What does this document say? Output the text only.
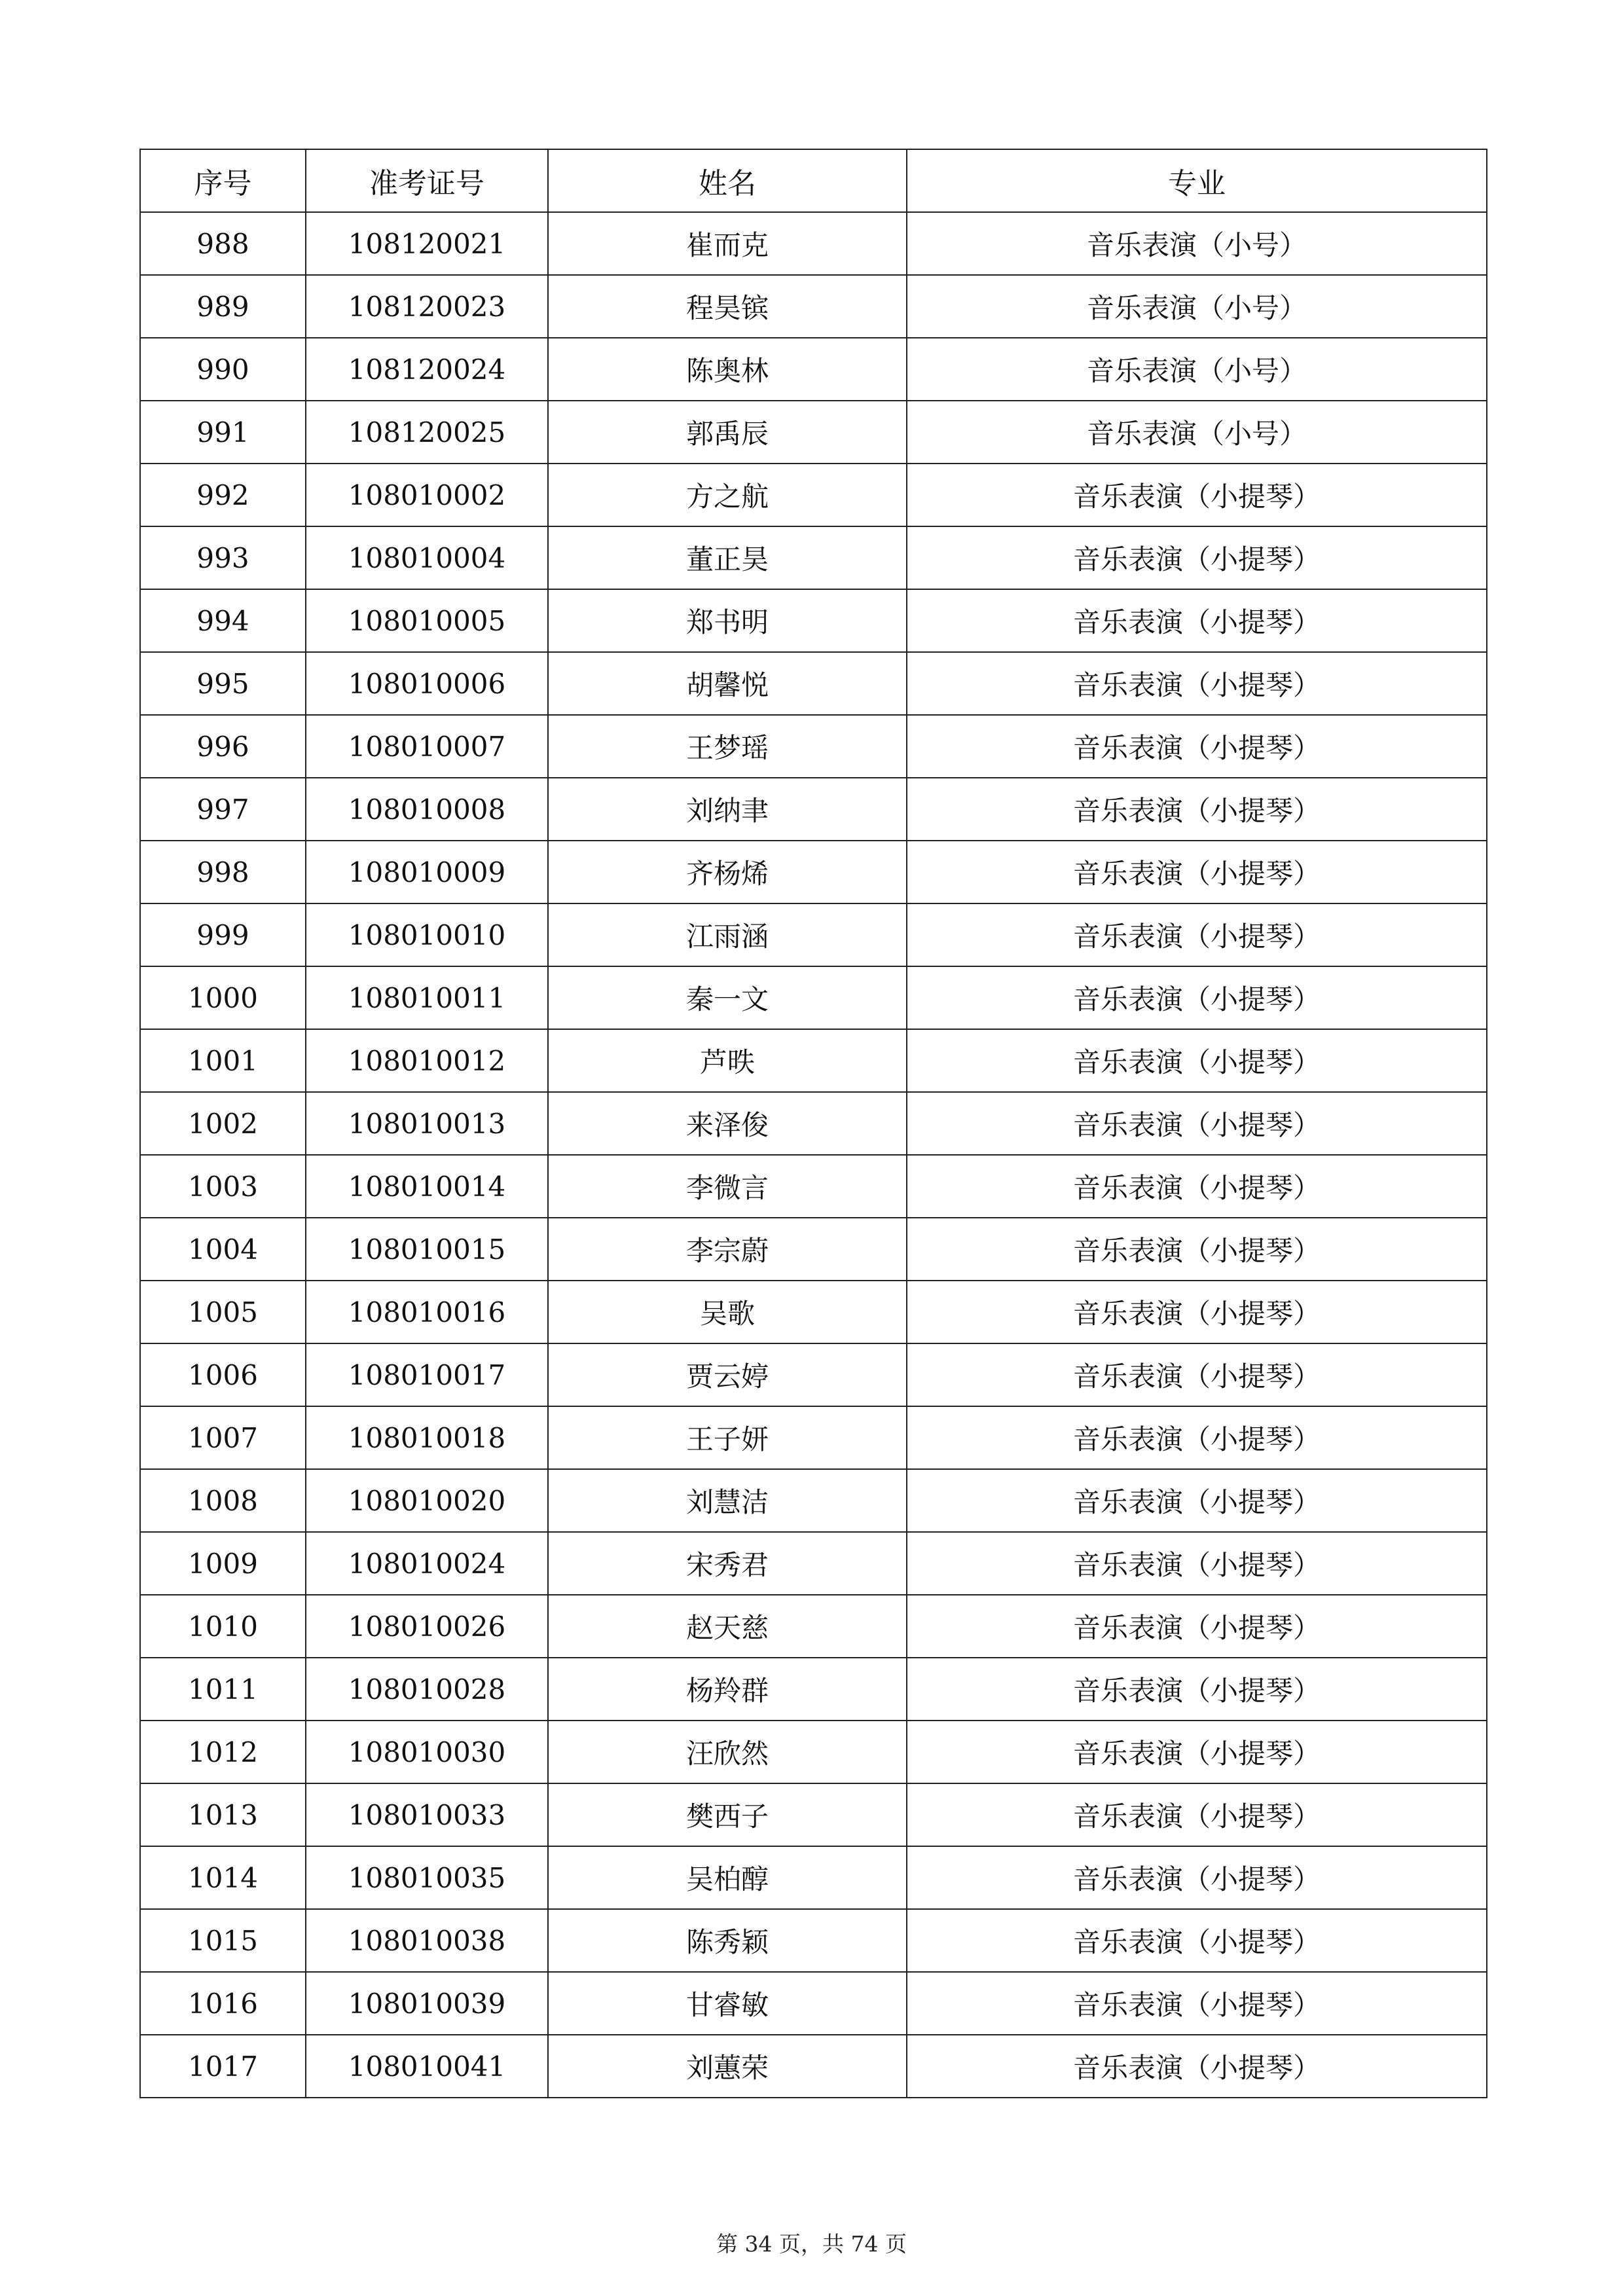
序号	准考证号	姓名	专业
988	108120021	崔而克	音乐表演（小号）
989	108120023	程昊镔	音乐表演（小号）
990	108120024	陈奥林	音乐表演（小号）
991	108120025	郭禹辰	音乐表演（小号）
992	108010002	方之航	音乐表演（小提琴）
993	108010004	董正昊	音乐表演（小提琴）
994	108010005	郑书明	音乐表演（小提琴）
995	108010006	胡馨悦	音乐表演（小提琴）
996	108010007	王梦瑶	音乐表演（小提琴）
997	108010008	刘纳聿	音乐表演（小提琴）
998	108010009	齐杨烯	音乐表演（小提琴）
999	108010010	江雨涵	音乐表演（小提琴）
1000	108010011	秦一文	音乐表演（小提琴）
1001	108010012	芦昳	音乐表演（小提琴）
1002	108010013	来泽俊	音乐表演（小提琴）
1003	108010014	李微言	音乐表演（小提琴）
1004	108010015	李宗蔚	音乐表演（小提琴）
1005	108010016	吴歌	音乐表演（小提琴）
1006	108010017	贾云婷	音乐表演（小提琴）
1007	108010018	王子妍	音乐表演（小提琴）
1008	108010020	刘慧洁	音乐表演（小提琴）
1009	108010024	宋秀君	音乐表演（小提琴）
1010	108010026	赵天慈	音乐表演（小提琴）
1011	108010028	杨羚群	音乐表演（小提琴）
1012	108010030	汪欣然	音乐表演（小提琴）
1013	108010033	樊西子	音乐表演（小提琴）
1014	108010035	吴柏醇	音乐表演（小提琴）
1015	108010038	陈秀颖	音乐表演（小提琴）
1016	108010039	甘睿敏	音乐表演（小提琴）
1017	108010041	刘蕙荣	音乐表演（小提琴）
第 34 页，共 74 页
